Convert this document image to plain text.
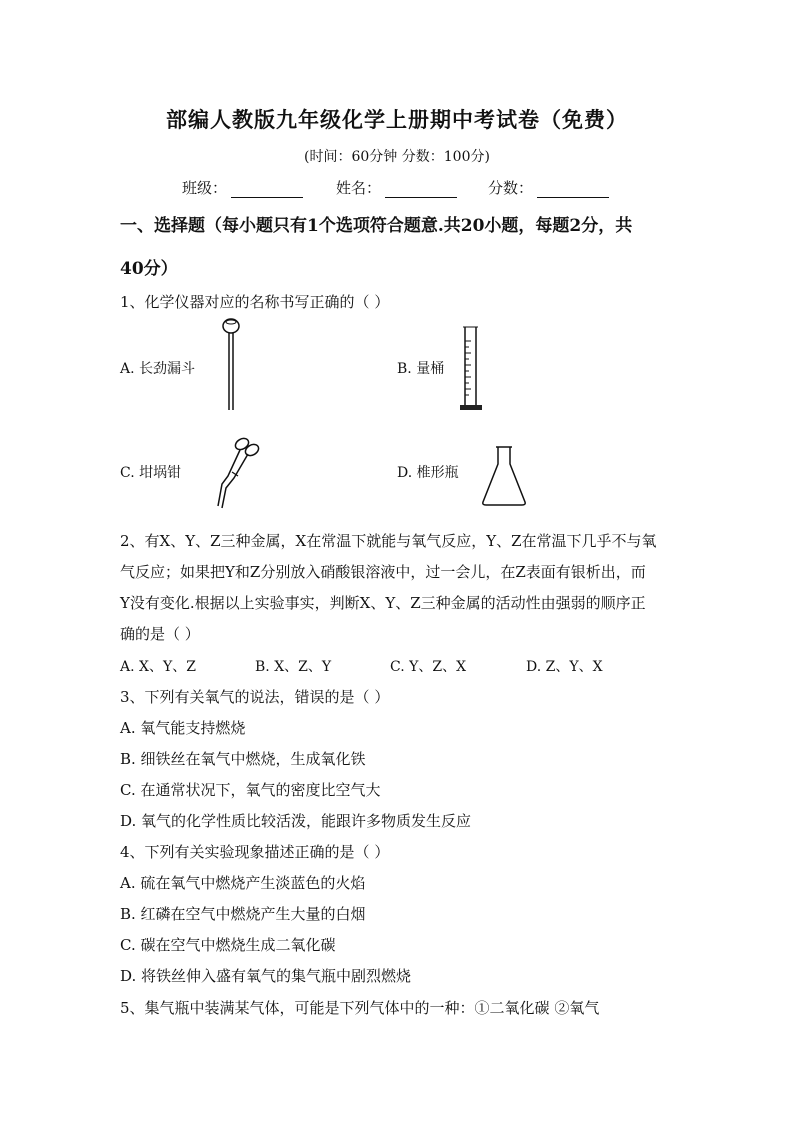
部编人教版九年级化学上册期中考试卷（免费）
(时间：60分钟 分数：100分)
班级：	姓名：	分数：
一、选择题（每小题只有1个选项符合题意.共20小题，每题2分，共
40分）
1、化学仪器对应的名称书写正确的（ ）
A. 长劲漏斗	B. 量桶
C. 坩埚钳	D. 椎形瓶
2、有X、Y、Z三种金属，X在常温下就能与氧气反应，Y、Z在常温下几乎不与氧
气反应；如果把Y和Z分别放入硝酸银溶液中，过一会儿，在Z表面有银析出，而
Y没有变化.根据以上实验事实，判断X、Y、Z三种金属的活动性由强弱的顺序正
确的是（ ）
A. X、Y、Z	B. X、Z、Y	C. Y、Z、X	D. Z、Y、X
3、下列有关氧气的说法，错误的是（ ）
A. 氧气能支持燃烧
B. 细铁丝在氧气中燃烧，生成氧化铁
C. 在通常状况下，氧气的密度比空气大
D. 氧气的化学性质比较活泼，能跟许多物质发生反应
4、下列有关实验现象描述正确的是（ ）
A. 硫在氧气中燃烧产生淡蓝色的火焰
B. 红磷在空气中燃烧产生大量的白烟
C. 碳在空气中燃烧生成二氧化碳
D. 将铁丝伸入盛有氧气的集气瓶中剧烈燃烧
5、集气瓶中装满某气体，可能是下列气体中的一种：①二氧化碳 ②氧气
